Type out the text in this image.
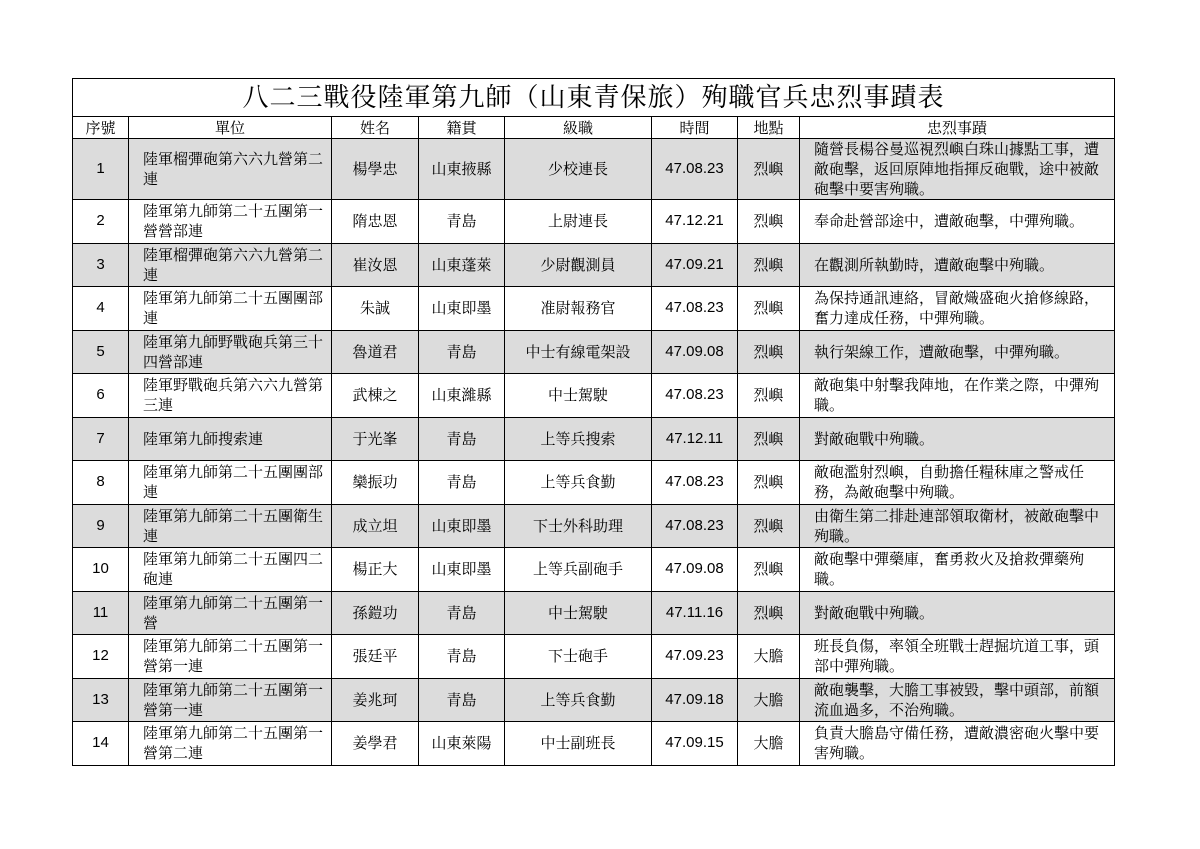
八二三戰役陸軍第九師（山東青保旅）殉職官兵忠烈事蹟表							
序號	單位	姓名	籍貫	級職	時間	地點	忠烈事蹟
1	陸軍榴彈砲第六六九營第二連	楊學忠	山東掖縣	少校連長	47.08.23	烈嶼	隨營長楊谷曼巡視烈嶼白珠山據點工事，遭敵砲擊，返回原陣地指揮反砲戰，途中被敵砲擊中要害殉職。
2	陸軍第九師第二十五團第一營營部連	隋忠恩	青島	上尉連長	47.12.21	烈嶼	奉命赴營部途中，遭敵砲擊，中彈殉職。
3	陸軍榴彈砲第六六九營第二連	崔汝恩	山東蓬萊	少尉觀測員	47.09.21	烈嶼	在觀測所執勤時，遭敵砲擊中殉職。
4	陸軍第九師第二十五團團部連	朱誠	山東即墨	准尉報務官	47.08.23	烈嶼	為保持通訊連絡，冒敵熾盛砲火搶修線路，奮力達成任務，中彈殉職。
5	陸軍第九師野戰砲兵第三十四營部連	魯道君	青島	中士有線電架設	47.09.08	烈嶼	執行架線工作，遭敵砲擊，中彈殉職。
6	陸軍野戰砲兵第六六九營第三連	武棟之	山東濰縣	中士駕駛	47.08.23	烈嶼	敵砲集中射擊我陣地，在作業之際，中彈殉職。
7	陸軍第九師搜索連	于光峯	青島	上等兵搜索	47.12.11	烈嶼	對敵砲戰中殉職。
8	陸軍第九師第二十五團團部連	欒振功	青島	上等兵食勤	47.08.23	烈嶼	敵砲濫射烈嶼，自動擔任糧秣庫之警戒任務，為敵砲擊中殉職。
9	陸軍第九師第二十五團衛生連	成立坦	山東即墨	下士外科助理	47.08.23	烈嶼	由衛生第二排赴連部領取衛材，被敵砲擊中殉職。
10	陸軍第九師第二十五團四二砲連	楊正大	山東即墨	上等兵副砲手	47.09.08	烈嶼	敵砲擊中彈藥庫，奮勇救火及搶救彈藥殉職。
11	陸軍第九師第二十五團第一營	孫鎧功	青島	中士駕駛	47.11.16	烈嶼	對敵砲戰中殉職。
12	陸軍第九師第二十五團第一營第一連	張廷平	青島	下士砲手	47.09.23	大膽	班長負傷，率領全班戰士趕掘坑道工事，頭部中彈殉職。
13	陸軍第九師第二十五團第一營第一連	姜兆珂	青島	上等兵食勤	47.09.18	大膽	敵砲襲擊，大膽工事被毀，擊中頭部，前額流血過多，不治殉職。
14	陸軍第九師第二十五團第一營第二連	姜學君	山東萊陽	中士副班長	47.09.15	大膽	負責大膽島守備任務，遭敵濃密砲火擊中要害殉職。
